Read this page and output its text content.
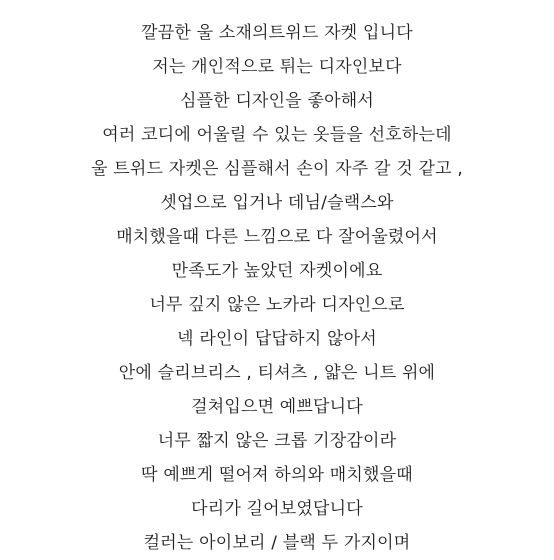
깔끔한 울 소재의트위드 자켓 입니다
저는 개인적으로 튀는 디자인보다
심플한 디자인을 좋아해서
여러 코디에 어울릴 수 있는 옷들을 선호하는데
울 트위드 자켓은 심플해서 손이 자주 갈 것 같고 ,
셋업으로 입거나 데님/슬랙스와
매치했을때 다른 느낌으로 다 잘어울렸어서
만족도가 높았던 자켓이에요
너무 깊지 않은 노카라 디자인으로
넥 라인이 답답하지 않아서
안에 슬리브리스 , 티셔츠 , 얇은 니트 위에
걸쳐입으면 예쁘답니다
너무 짧지 않은 크롭 기장감이라
딱 예쁘게 떨어져 하의와 매치했을때
다리가 길어보였답니다
컬러는 아이보리 / 블랙 두 가지이며
